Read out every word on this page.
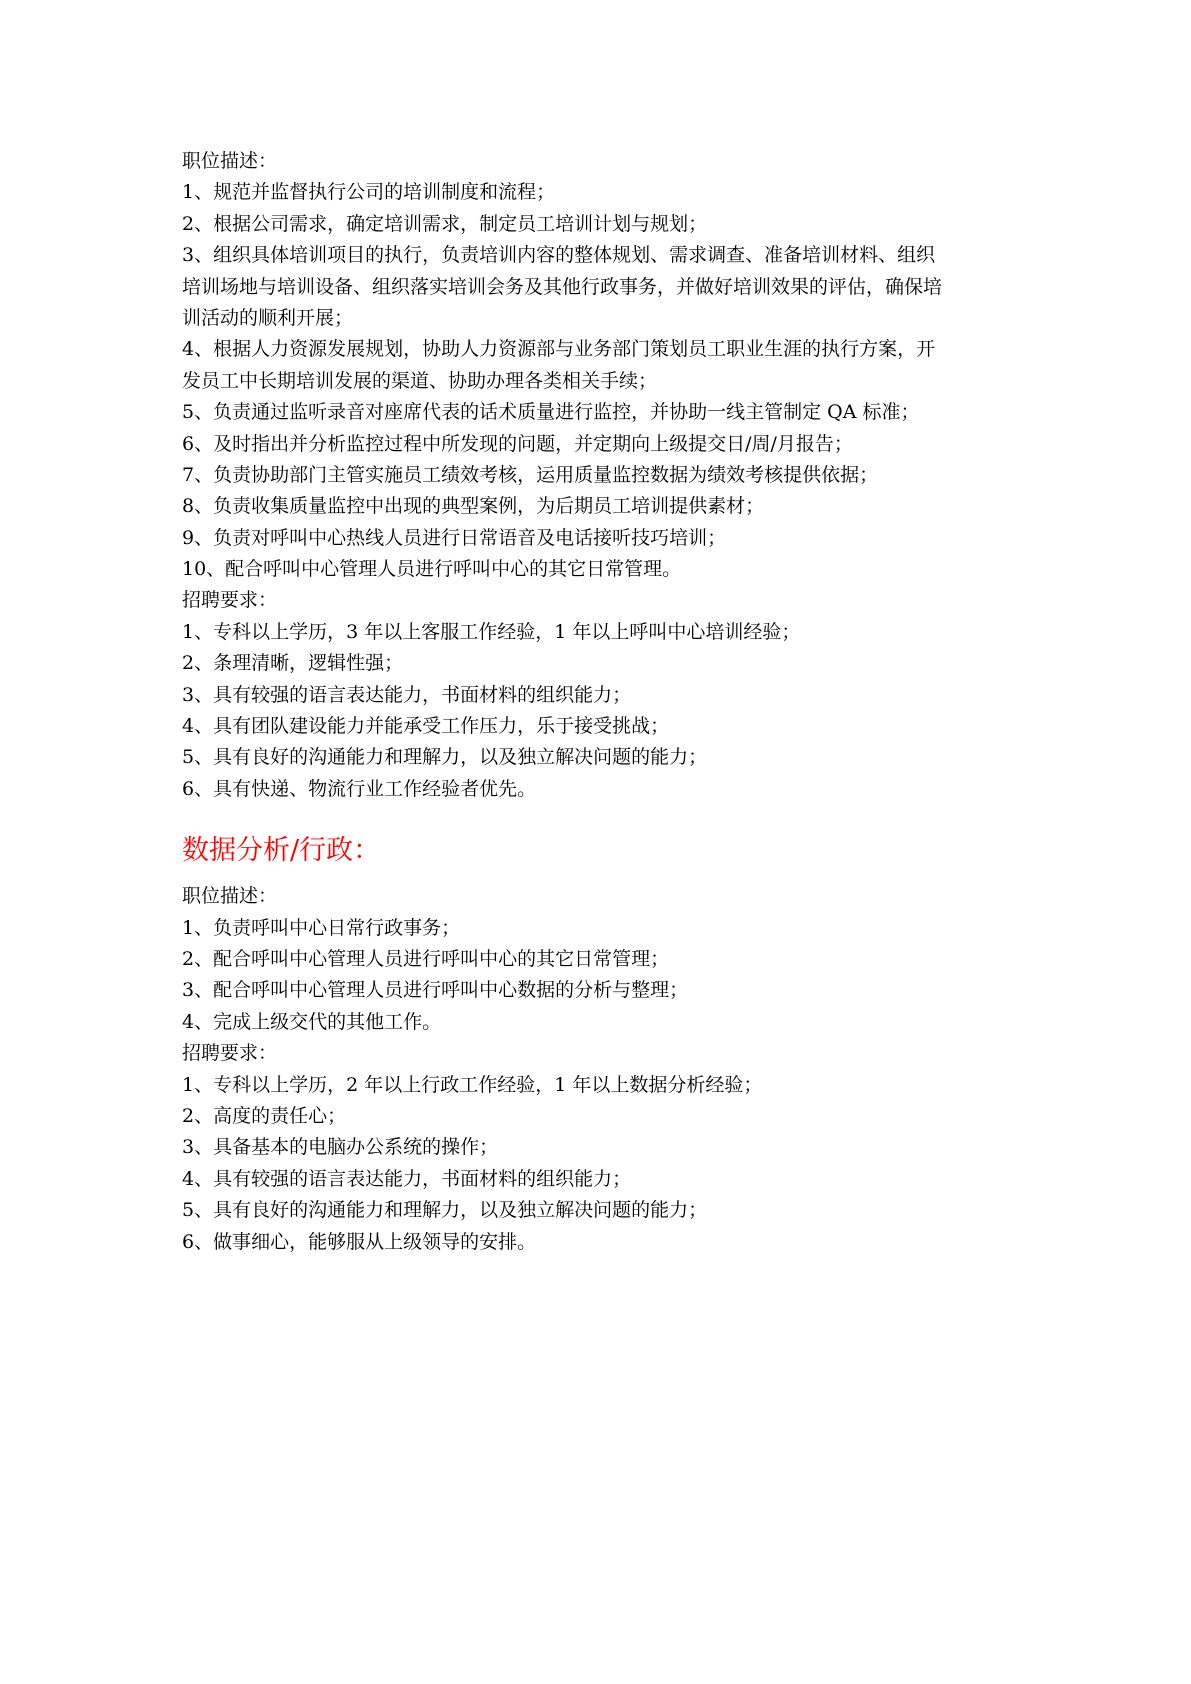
职位描述：
1、规范并监督执行公司的培训制度和流程；
2、根据公司需求，确定培训需求，制定员工培训计划与规划；
3、组织具体培训项目的执行，负责培训内容的整体规划、需求调查、准备培训材料、组织
培训场地与培训设备、组织落实培训会务及其他行政事务，并做好培训效果的评估，确保培
训活动的顺利开展；
4、根据人力资源发展规划，协助人力资源部与业务部门策划员工职业生涯的执行方案，开
发员工中长期培训发展的渠道、协助办理各类相关手续；
5、负责通过监听录音对座席代表的话术质量进行监控，并协助一线主管制定 QA 标准；
6、及时指出并分析监控过程中所发现的问题，并定期向上级提交日/周/月报告；
7、负责协助部门主管实施员工绩效考核，运用质量监控数据为绩效考核提供依据；
8、负责收集质量监控中出现的典型案例，为后期员工培训提供素材；
9、负责对呼叫中心热线人员进行日常语音及电话接听技巧培训；
10、配合呼叫中心管理人员进行呼叫中心的其它日常管理。
招聘要求：
1、专科以上学历，3 年以上客服工作经验，1 年以上呼叫中心培训经验；
2、条理清晰，逻辑性强；
3、具有较强的语言表达能力，书面材料的组织能力；
4、具有团队建设能力并能承受工作压力，乐于接受挑战；
5、具有良好的沟通能力和理解力，以及独立解决问题的能力；
6、具有快递、物流行业工作经验者优先。
数据分析/行政：
职位描述：
1、负责呼叫中心日常行政事务；
2、配合呼叫中心管理人员进行呼叫中心的其它日常管理；
3、配合呼叫中心管理人员进行呼叫中心数据的分析与整理；
4、完成上级交代的其他工作。
招聘要求：
1、专科以上学历，2 年以上行政工作经验，1 年以上数据分析经验；
2、高度的责任心；
3、具备基本的电脑办公系统的操作；
4、具有较强的语言表达能力，书面材料的组织能力；
5、具有良好的沟通能力和理解力，以及独立解决问题的能力；
6、做事细心，能够服从上级领导的安排。
